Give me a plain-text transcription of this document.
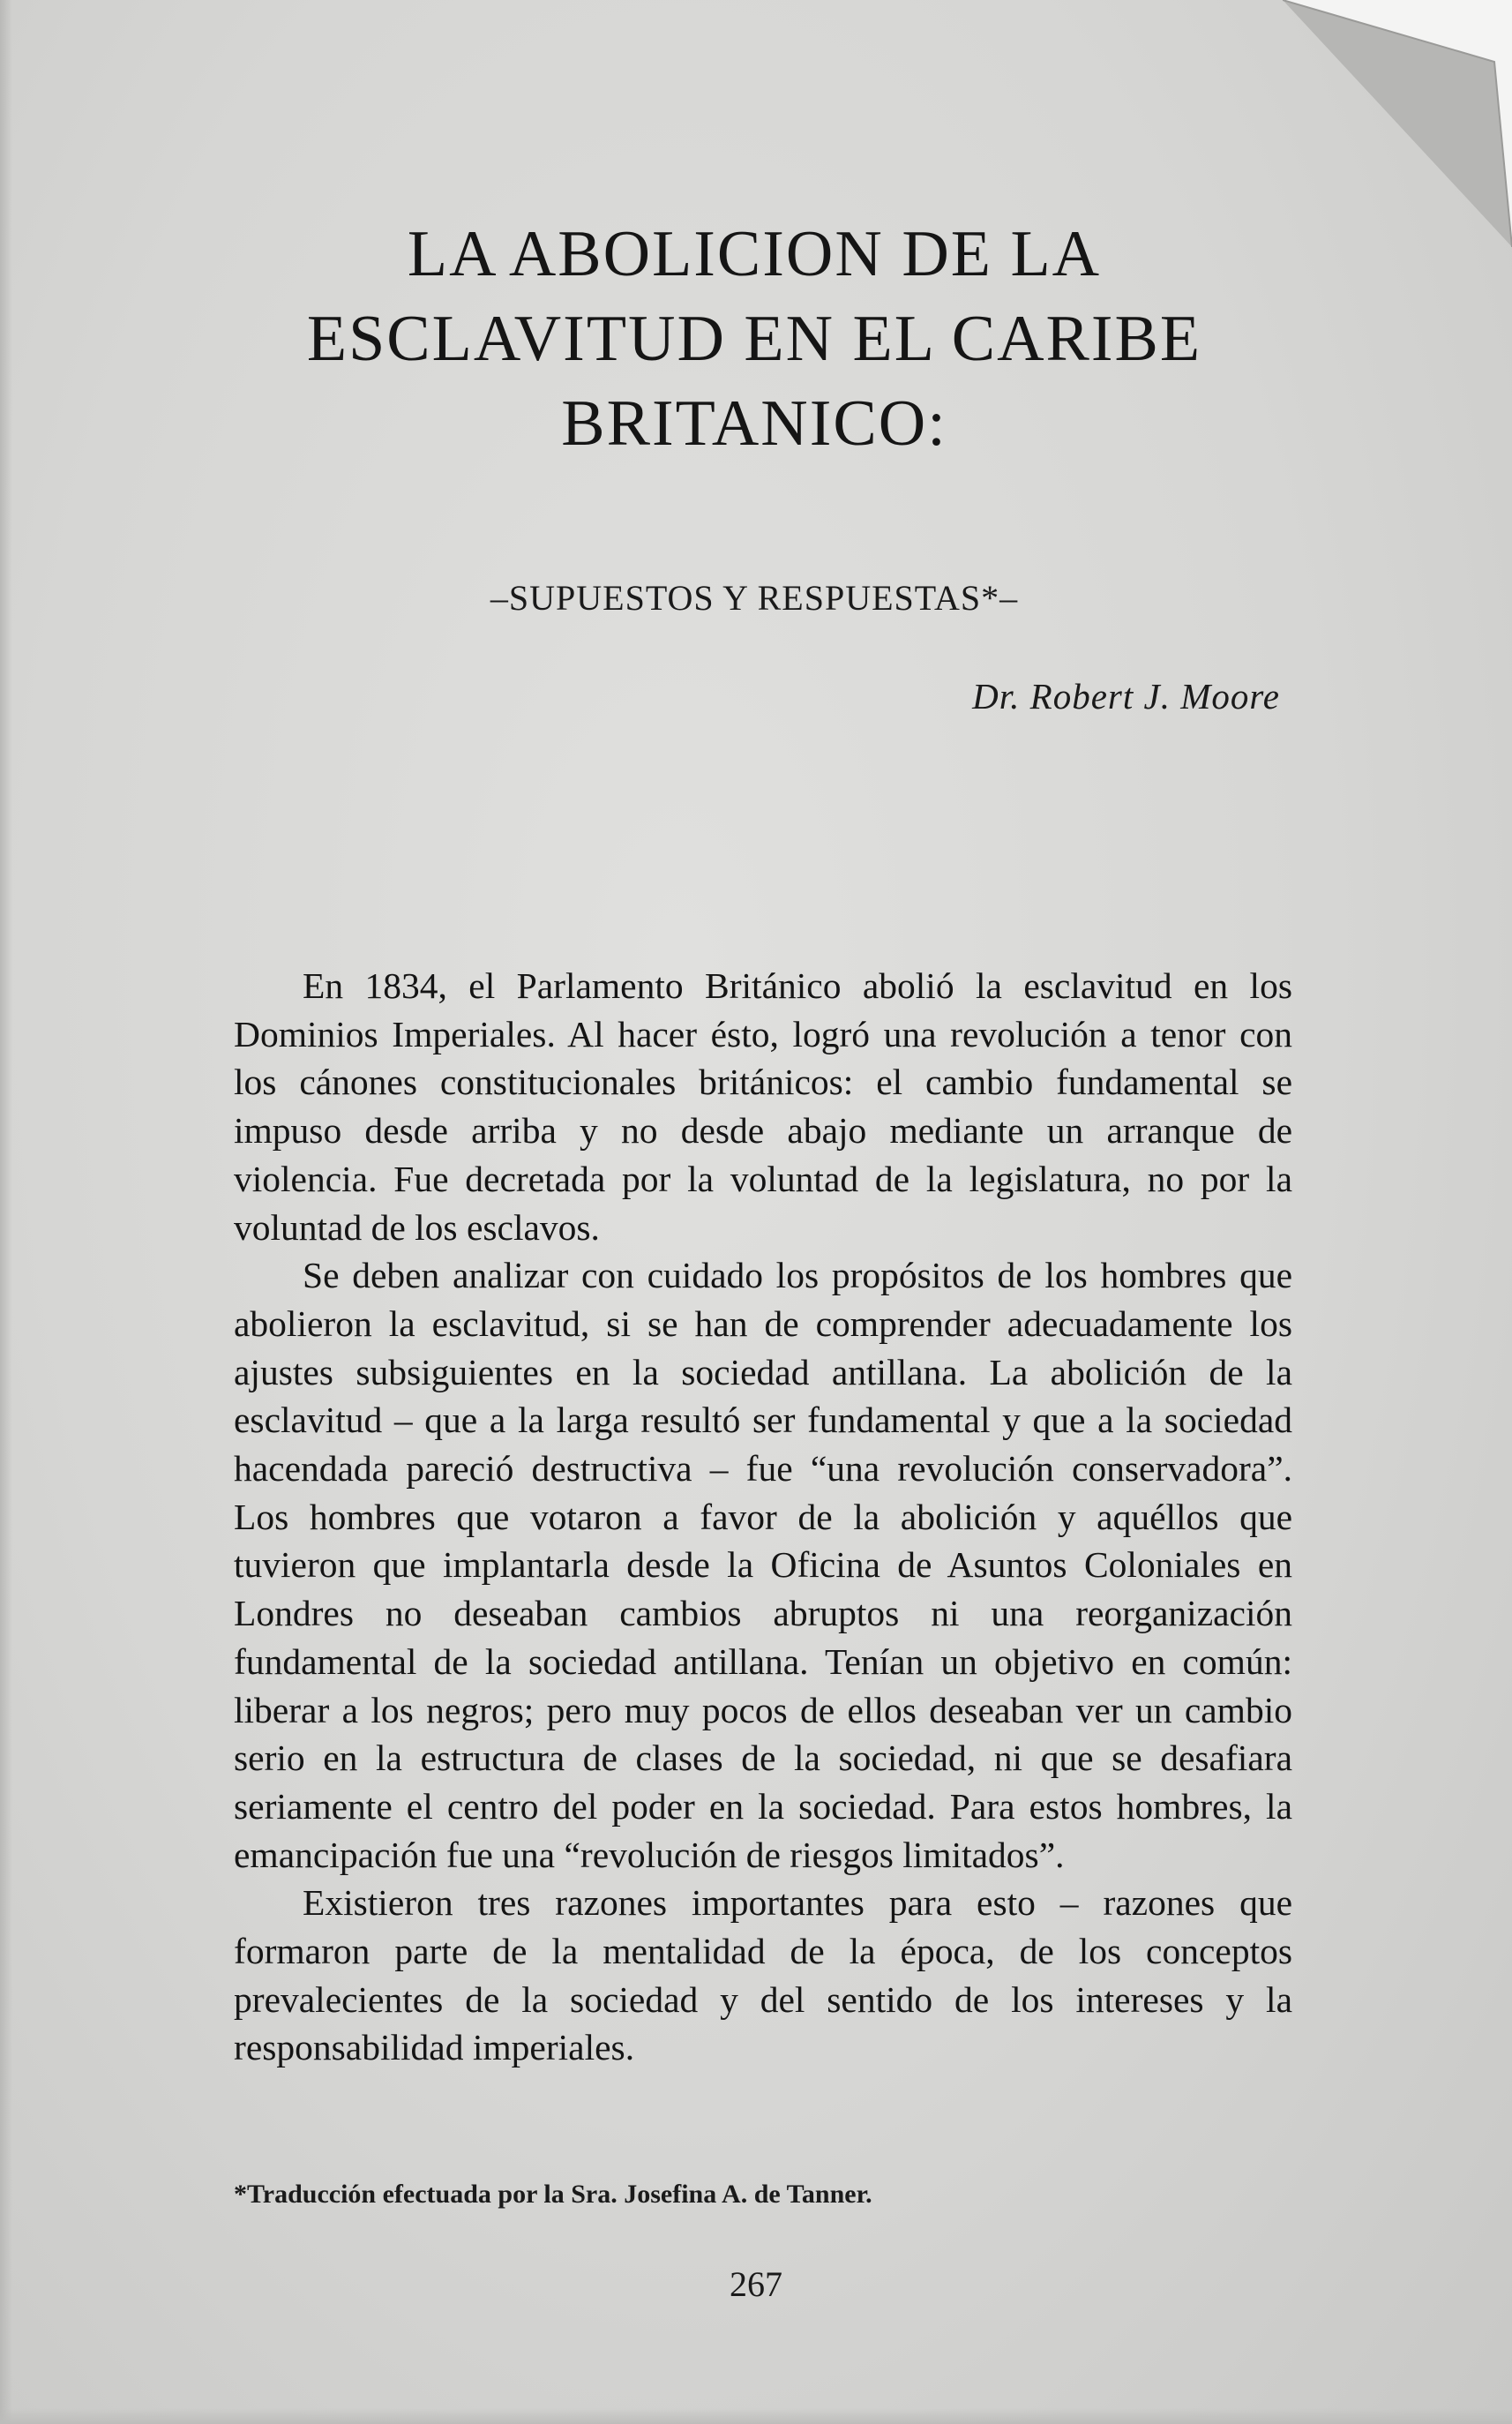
LA ABOLICION DE LA
ESCLAVITUD EN EL CARIBE
BRITANICO:
–SUPUESTOS Y RESPUESTAS*–
Dr. Robert J. Moore

En 1834, el Parlamento Británico abolió la esclavitud en los Dominios Imperiales. Al hacer ésto, logró una revolución a tenor con los cánones constitucionales británicos: el cambio fundamental se impuso desde arriba y no desde abajo mediante un arranque de violencia. Fue decretada por la voluntad de la legislatura, no por la voluntad de los esclavos.

Se deben analizar con cuidado los propósitos de los hombres que abolieron la esclavitud, si se han de comprender adecuadamente los ajustes subsiguientes en la sociedad antillana. La abolición de la esclavitud – que a la larga resultó ser fundamental y que a la sociedad hacendada pareció destructiva – fue “una revolución conservadora”. Los hombres que votaron a favor de la abolición y aquéllos que tuvieron que implantarla desde la Oficina de Asuntos Coloniales en Londres no deseaban cambios abruptos ni una reorganización fundamental de la sociedad antillana. Tenían un objetivo en común: liberar a los negros; pero muy pocos de ellos deseaban ver un cambio serio en la estructura de clases de la sociedad, ni que se desafiara seriamente el centro del poder en la sociedad. Para estos hombres, la emancipación fue una “revolución de riesgos limitados”.

Existieron tres razones importantes para esto – razones que formaron parte de la mentalidad de la época, de los conceptos prevalecientes de la sociedad y del sentido de los intereses y la responsabilidad imperiales.

*Traducción efectuada por la Sra. Josefina A. de Tanner.
267
